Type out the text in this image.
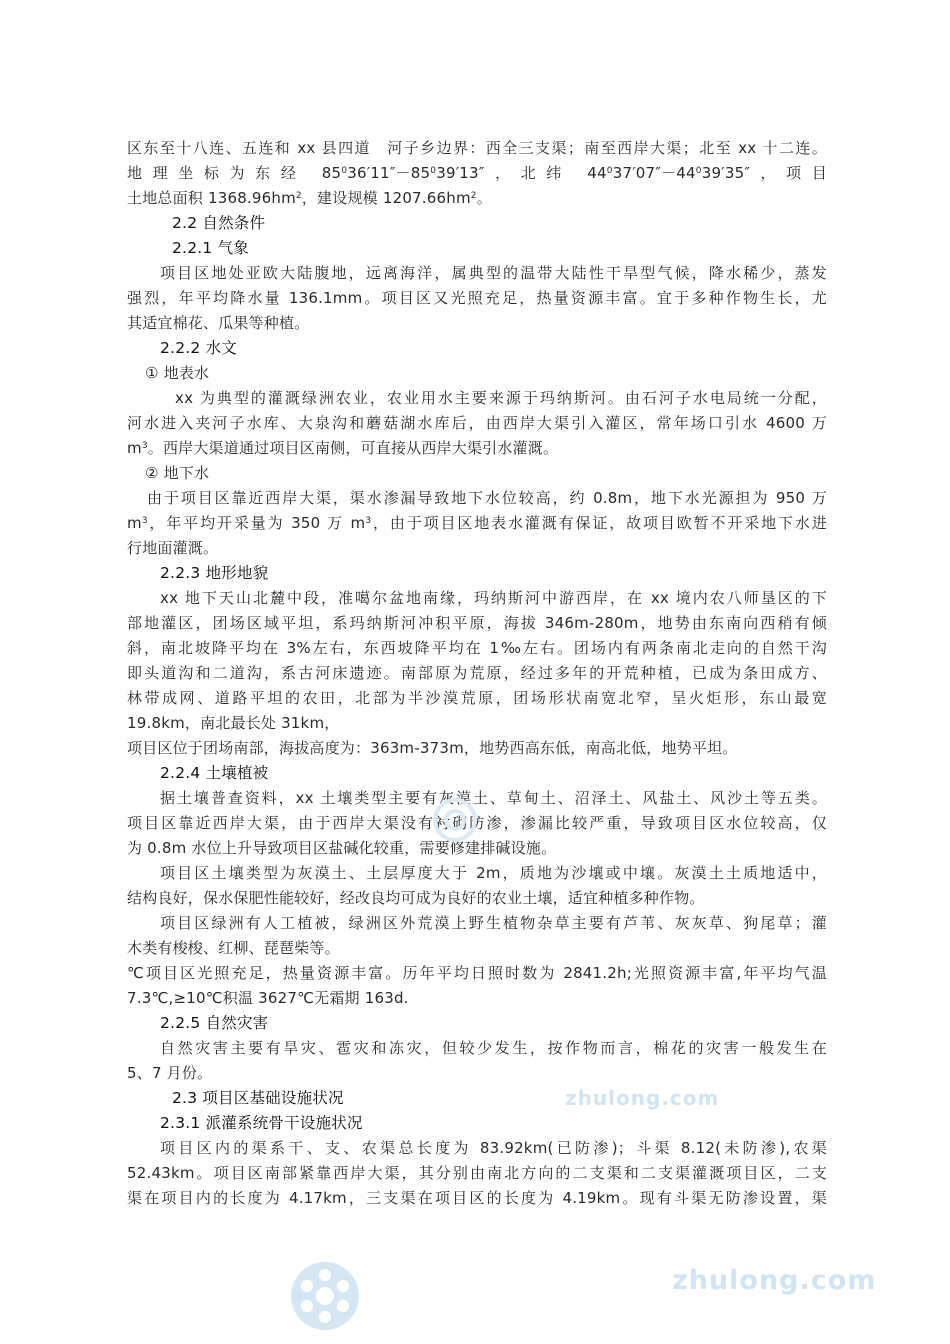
区东至十八连、五连和 xx 县四道　河子乡边界：西全三支渠；南至西岸大渠；北至 xx 十二连。
地理坐标为东经 $85^036'11''-85^039'13''$，北纬 $44^037'07''-44^039'35''$，项目
土地总面积 $1368.96hm^2$，建设规模 $1207.66hm^2$。
2.2 自然条件
2.2.1 气象
项目区地处亚欧大陆腹地，远离海洋，属典型的温带大陆性干旱型气候，降水稀少，蒸发
强烈，年平均降水量 136.1mm。项目区又光照充足，热量资源丰富。宜于多种作物生长，尤
其适宜棉花、瓜果等种植。
2.2.2 水文
① 地表水
xx 为典型的灌溉绿洲农业，农业用水主要来源于玛纳斯河。由石河子水电局统一分配，
河水进入夹河子水库、大泉沟和蘑菇湖水库后，由西岸大渠引入灌区，常年场口引水 4600 万
$m^3$。西岸大渠道通过项目区南侧，可直接从西岸大渠引水灌溉。
② 地下水
由于项目区靠近西岸大渠，渠水渗漏导致地下水位较高，约 0.8m，地下水光源担为 950 万
$m^3$，年平均开采量为 350 万 $m^3$，由于项目区地表水灌溉有保证，故项目欧暂不开采地下水进
行地面灌溉。
2.2.3 地形地貌
xx 地下天山北麓中段，准噶尔盆地南缘，玛纳斯河中游西岸，在 xx 境内农八师垦区的下
部地灌区，团场区域平坦，系玛纳斯河冲积平原，海拔 346m-280m，地势由东南向西稍有倾
斜，南北坡降平均在 3%左右，东西坡降平均在 1‰左右。团场内有两条南北走向的自然干沟
即头道沟和二道沟，系古河床遗迹。南部原为荒原，经过多年的开荒种植，已成为条田成方、
林带成网、道路平坦的农田，北部为半沙漠荒原，团场形状南宽北窄，呈火炬形，东山最宽
19.8km，南北最长处 31km，
项目区位于团场南部，海拔高度为：363m-373m，地势西高东低，南高北低，地势平坦。
2.2.4 土壤植被
据土壤普查资料，xx 土壤类型主要有灰漠土、草甸土、沼泽土、风盐土、风沙土等五类。
项目区靠近西岸大渠，由于西岸大渠没有衬砌防渗，渗漏比较严重，导致项目区水位较高，仅
为 0.8m 水位上升导致项目区盐碱化较重，需要修建排碱设施。
项目区土壤类型为灰漠土、土层厚度大于 2m，质地为沙壤或中壤。灰漠土土质地适中，
结构良好，保水保肥性能较好，经改良均可成为良好的农业土壤，适宜种植多种作物。
项目区绿洲有人工植被，绿洲区外荒漠上野生植物杂草主要有芦苇、灰灰草、狗尾草；灌
木类有梭梭、红柳、琵琶柴等。
℃项目区光照充足，热量资源丰富。历年平均日照时数为 2841.2h;光照资源丰富,年平均气温
7.3℃,≥10℃积温 3627℃无霜期 163d.
2.2.5 自然灾害
自然灾害主要有旱灾、雹灾和冻灾，但较少发生，按作物而言，棉花的灾害一般发生在
5、7 月份。
2.3 项目区基础设施状况
2.3.1 派灌系统骨干设施状况
项目区内的渠系干、支、农渠总长度为 83.92km(已防渗)；斗渠 8.12(未防渗),农渠
52.43km。项目区南部紧靠西岸大渠，其分别由南北方向的二支渠和二支渠灌溉项目区，二支
渠在项目内的长度为 4.17km，三支渠在项目区的长度为 4.19km。现有斗渠无防渗设置，渠
zhulong.com
zhulong.com
